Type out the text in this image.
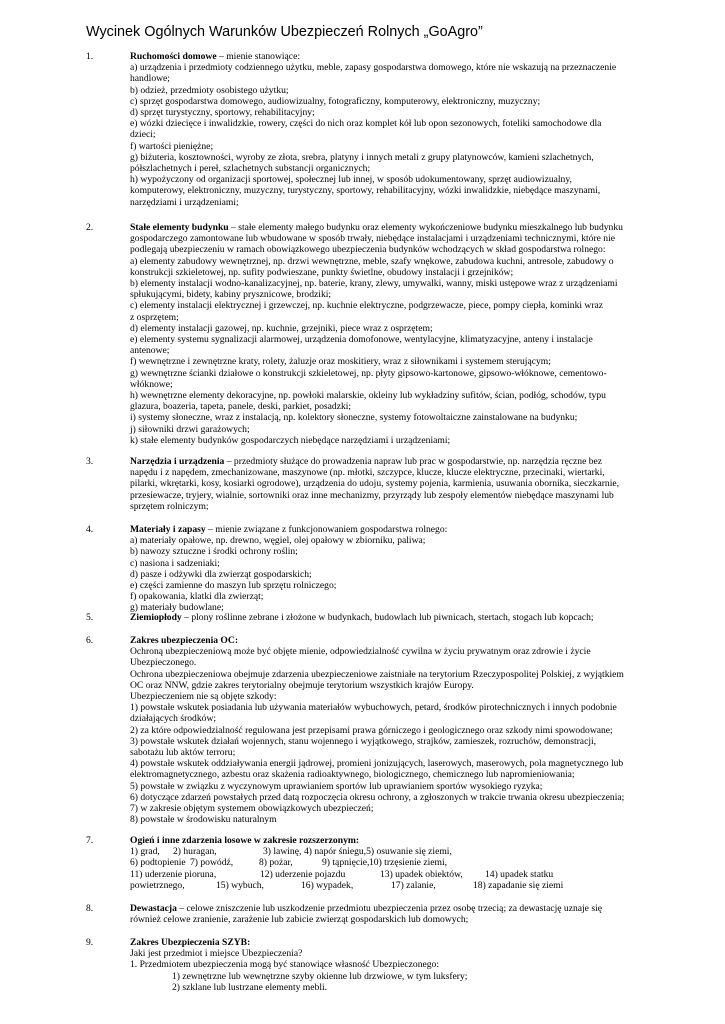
Wycinek Ogólnych Warunków Ubezpieczeń Rolnych „GoAgro”
1.	Ruchomości domowe – mienie stanowiące:
a) urządzenia i przedmioty codziennego użytku, meble, zapasy gospodarstwa domowego, które nie wskazują na przeznaczenie
handlowe;
b) odzież, przedmioty osobistego użytku;
c) sprzęt gospodarstwa domowego, audiowizualny, fotograficzny, komputerowy, elektroniczny, muzyczny;
d) sprzęt turystyczny, sportowy, rehabilitacyjny;
e) wózki dziecięce i inwalidzkie, rowery, części do nich oraz komplet kół lub opon sezonowych, foteliki samochodowe dla
dzieci;
f) wartości pieniężne;
g) biżuteria, kosztowności, wyroby ze złota, srebra, platyny i innych metali z grupy platynowców, kamieni szlachetnych,
półszlachetnych i pereł, szlachetnych substancji organicznych;
h) wypożyczony od organizacji sportowej, społecznej lub innej, w sposób udokumentowany, sprzęt audiowizualny,
komputerowy, elektroniczny, muzyczny, turystyczny, sportowy, rehabilitacyjny, wózki inwalidzkie, niebędące maszynami,
narzędziami i urządzeniami;
2.	Stałe elementy budynku – stałe elementy małego budynku oraz elementy wykończeniowe budynku mieszkalnego lub budynku
gospodarczego zamontowane lub wbudowane w sposób trwały, niebędące instalacjami i urządzeniami technicznymi, które nie
podlegają ubezpieczeniu w ramach obowiązkowego ubezpieczenia budynków wchodzących w skład gospodarstwa rolnego:
a) elementy zabudowy wewnętrznej, np. drzwi wewnętrzne, meble, szafy wnękowe, zabudowa kuchni, antresole, zabudowy o
konstrukcji szkieletowej, np. sufity podwieszane, punkty świetlne, obudowy instalacji i grzejników;
b) elementy instalacji wodno-kanalizacyjnej, np. baterie, krany, zlewy, umywalki, wanny, miski ustępowe wraz z urządzeniami
spłukującymi, bidety, kabiny prysznicowe, brodziki;
c) elementy instalacji elektrycznej i grzewczej, np. kuchnie elektryczne, podgrzewacze, piece, pompy ciepła, kominki wraz
z osprzętem;
d) elementy instalacji gazowej, np. kuchnie, grzejniki, piece wraz z osprzętem;
e) elementy systemu sygnalizacji alarmowej, urządzenia domofonowe, wentylacyjne, klimatyzacyjne, anteny i instalacje
antenowe;
f) wewnętrzne i zewnętrzne kraty, rolety, żaluzje oraz moskitiery, wraz z siłownikami i systemem sterującym;
g) wewnętrzne ścianki działowe o konstrukcji szkieletowej, np. płyty gipsowo-kartonowe, gipsowo-włóknowe, cementowo-
włóknowe;
h) wewnętrzne elementy dekoracyjne, np. powłoki malarskie, okleiny lub wykładziny sufitów, ścian, podłóg, schodów, typu
glazura, boazeria, tapeta, panele, deski, parkiet, posadzki;
i) systemy słoneczne, wraz z instalacją, np. kolektory słoneczne, systemy fotowoltaiczne zainstalowane na budynku;
j) siłowniki drzwi garażowych;
k) stałe elementy budynków gospodarczych niebędące narzędziami i urządzeniami;
3.	Narzędzia i urządzenia – przedmioty służące do prowadzenia napraw lub prac w gospodarstwie, np. narzędzia ręczne bez
napędu i z napędem, zmechanizowane, maszynowe (np. młotki, szczypce, klucze, klucze elektryczne, przecinaki, wiertarki,
pilarki, wkrętarki, kosy, kosiarki ogrodowe), urządzenia do udoju, systemy pojenia, karmienia, usuwania obornika, sieczkarnie,
przesiewacze, tryjery, wialnie, sortowniki oraz inne mechanizmy, przyrządy lub zespoły elementów niebędące maszynami lub
sprzętem rolniczym;
4.	Materiały i zapasy – mienie związane z funkcjonowaniem gospodarstwa rolnego:
a) materiały opałowe, np. drewno, węgiel, olej opałowy w zbiorniku, paliwa;
b) nawozy sztuczne i środki ochrony roślin;
c) nasiona i sadzeniaki;
d) pasze i odżywki dla zwierząt gospodarskich;
e) części zamienne do maszyn lub sprzętu rolniczego;
f) opakowania, klatki dla zwierząt;
g) materiały budowlane;
5.	Ziemiopłody – plony roślinne zebrane i złożone w budynkach, budowlach lub piwnicach, stertach, stogach lub kopcach;
6.	Zakres ubezpieczenia OC:
Ochroną ubezpieczeniową może być objęte mienie, odpowiedzialność cywilna w życiu prywatnym oraz zdrowie i życie
Ubezpieczonego.
Ochrona ubezpieczeniowa obejmuje zdarzenia ubezpieczeniowe zaistniałe na terytorium Rzeczypospolitej Polskiej, z wyjątkiem
OC oraz NNW, gdzie zakres terytorialny obejmuje terytorium wszystkich krajów Europy.
Ubezpieczeniem nie są objęte szkody:
1) powstałe wskutek posiadania lub używania materiałów wybuchowych, petard, środków pirotechnicznych i innych podobnie
działających środków;
2) za które odpowiedzialność regulowana jest przepisami prawa górniczego i geologicznego oraz szkody nimi spowodowane;
3) powstałe wskutek działań wojennych, stanu wojennego i wyjątkowego, strajków, zamieszek, rozruchów, demonstracji,
sabotażu lub aktów terroru;
4) powstałe wskutek oddziaływania energii jądrowej, promieni jonizujących, laserowych, maserowych, pola magnetycznego lub
elektromagnetycznego, azbestu oraz skażenia radioaktywnego, biologicznego, chemicznego lub napromieniowania;
5) powstałe w związku z wyczynowym uprawianiem sportów lub uprawianiem sportów wysokiego ryzyka;
6) dotyczące zdarzeń powstałych przed datą rozpoczęcia okresu ochrony, a zgłoszonych w trakcie trwania okresu ubezpieczenia;
7) w zakresie objętym systemem obowiązkowych ubezpieczeń;
8) powstałe w środowisku naturalnym
7.	Ogień i inne zdarzenia losowe w zakresie rozszerzonym:
1) grad,	2) huragan,	3) lawinę, 4) napór śniegu,5) osuwanie się ziemi,
6) podtopienie 7) powódź,	8) pożar,	9) tąpnięcie, 10) trzęsienie ziemi,
11) uderzenie pioruna,	12) uderzenie pojazdu	13) upadek obiektów,	14) upadek statku
powietrznego,	15) wybuch,	16) wypadek,	17) zalanie,	18) zapadanie się ziemi
8.	Dewastacja – celowe zniszczenie lub uszkodzenie przedmiotu ubezpieczenia przez osobę trzecią; za dewastację uznaje się
również celowe zranienie, zarażenie lub zabicie zwierząt gospodarskich lub domowych;
9.	Zakres Ubezpieczenia SZYB:
Jaki jest przedmiot i miejsce Ubezpieczenia?
1. Przedmiotem ubezpieczenia mogą być stanowiące własność Ubezpieczonego:
1) zewnętrzne lub wewnętrzne szyby okienne lub drzwiowe, w tym luksfery;
2) szklane lub lustrzane elementy mebli.
